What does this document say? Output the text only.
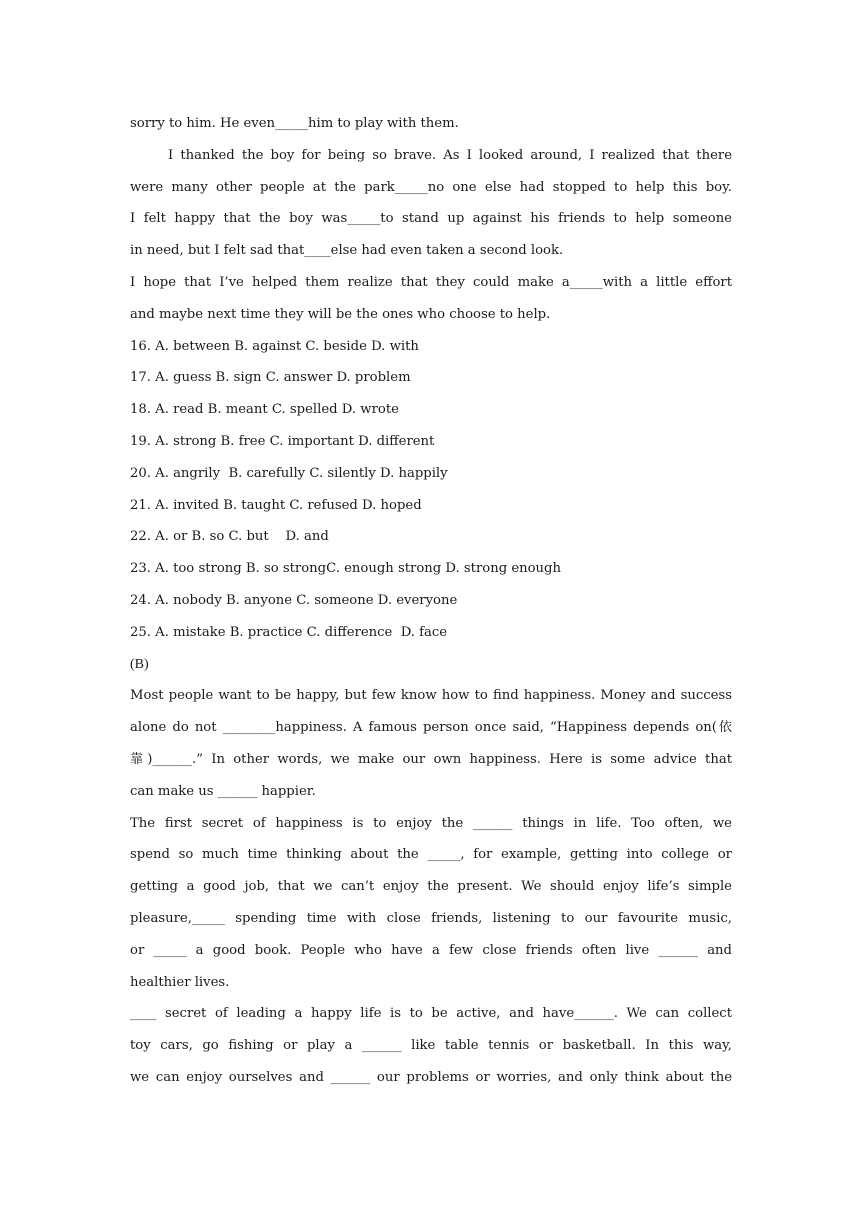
sorry to him. He even_____him to play with them.
I thanked the boy for being so brave. As I looked around, I realized that there
were many other people at the park_____no one else had stopped to help this boy.
I felt happy that the boy was_____to stand up against his friends to help someone
in need, but I felt sad that____else had even taken a second look.
I hope that I’ve helped them realize that they could make a_____with a little effort
and maybe next time they will be the ones who choose to help.
16. A. between B. against C. beside D. with
17. A. guess B. sign C. answer D. problem
18. A. read B. meant C. spelled D. wrote
19. A. strong B. free C. important D. different
20. A. angrily  B. carefully C. silently D. happily
21. A. invited B. taught C. refused D. hoped
22. A. or B. so C. but    D. and
23. A. too strong B. so strongC. enough strong D. strong enough
24. A. nobody B. anyone C. someone D. everyone
25. A. mistake B. practice C. difference  D. face
(B)
Most people want to be happy, but few know how to find happiness. Money and success
alone do not ________happiness. A famous person once said, “Happiness depends on(依
靠)______.” In other words, we make our own happiness. Here is some advice that
can make us ______ happier.
The first secret of happiness is to enjoy the ______ things in life. Too often, we
spend so much time thinking about the _____, for example, getting into college or
getting a good job, that we can’t enjoy the present. We should enjoy life’s simple
pleasure,_____ spending time with close friends, listening to our favourite music,
or _____ a good book. People who have a few close friends often live ______ and
healthier lives.
____ secret of leading a happy life is to be active, and have______. We can collect
toy cars, go fishing or play a ______ like table tennis or basketball. In this way,
we can enjoy ourselves and ______ our problems or worries, and only think about the
